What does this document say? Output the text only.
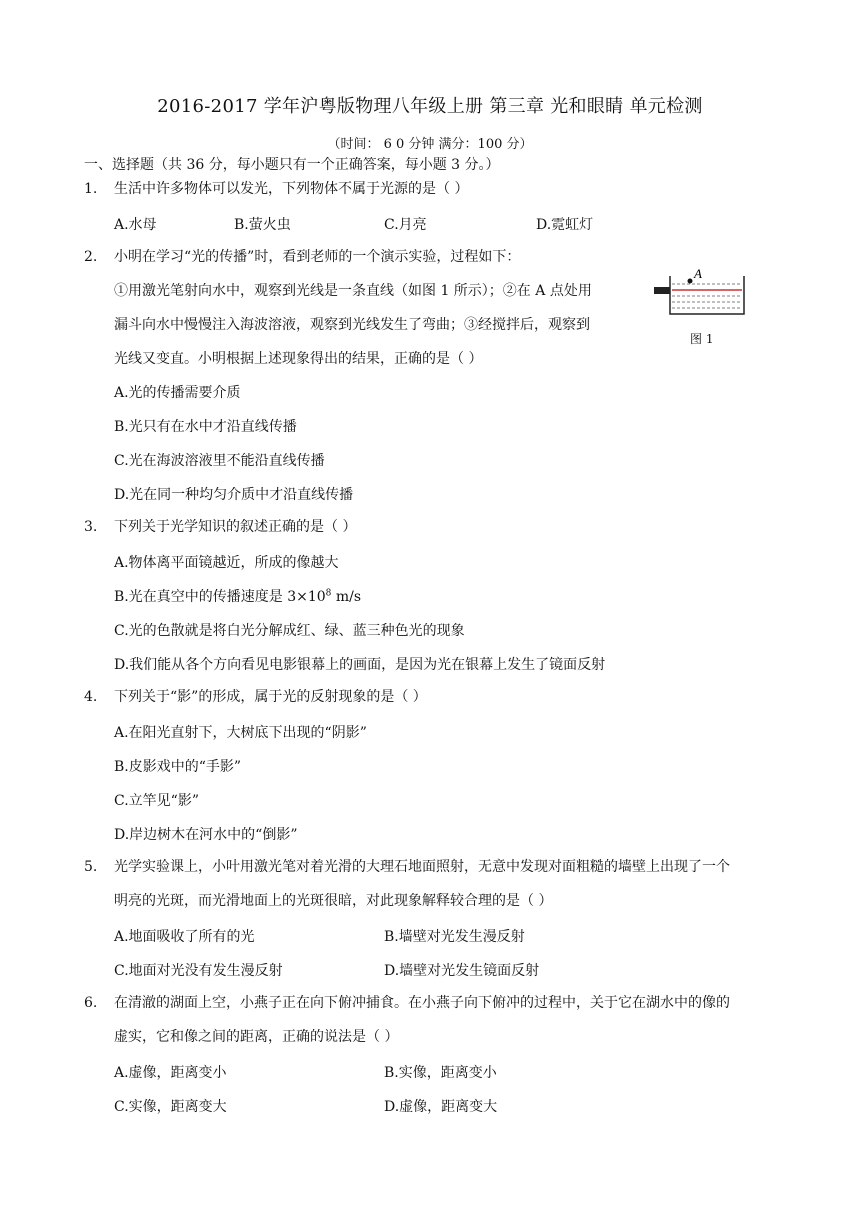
2016-2017 学年沪粤版物理八年级上册 第三章 光和眼睛 单元检测
（时间： 6 0 分钟 满分：100 分）
一、选择题（共 36 分，每小题只有一个正确答案，每小题 3 分。）
1.	生活中许多物体可以发光，下列物体不属于光源的是（ ）
A.水母	B.萤火虫	C.月亮	D.霓虹灯
2.	小明在学习“光的传播”时，看到老师的一个演示实验，过程如下：
①用激光笔射向水中，观察到光线是一条直线（如图 1 所示）；②在 A 点处用
漏斗向水中慢慢注入海波溶液，观察到光线发生了弯曲；③经搅拌后，观察到
光线又变直。小明根据上述现象得出的结果，正确的是（ ）
A.光的传播需要介质
B.光只有在水中才沿直线传播
C.光在海波溶液里不能沿直线传播
D.光在同一种均匀介质中才沿直线传播
A
图 1
3.	下列关于光学知识的叙述正确的是（ ）
A.物体离平面镜越近，所成的像越大
B.光在真空中的传播速度是 $3\times 10^8$ m/s
C.光的色散就是将白光分解成红、绿、蓝三种色光的现象
D.我们能从各个方向看见电影银幕上的画面，是因为光在银幕上发生了镜面反射
4.	下列关于“影”的形成，属于光的反射现象的是（ ）
A.在阳光直射下，大树底下出现的“阴影”
B.皮影戏中的“手影”
C.立竿见“影”
D.岸边树木在河水中的“倒影”
5.	光学实验课上，小叶用激光笔对着光滑的大理石地面照射，无意中发现对面粗糙的墙壁上出现了一个
明亮的光斑，而光滑地面上的光斑很暗，对此现象解释较合理的是（ ）
A.地面吸收了所有的光	B.墙壁对光发生漫反射
C.地面对光没有发生漫反射	D.墙壁对光发生镜面反射
6.	在清澈的湖面上空，小燕子正在向下俯冲捕食。在小燕子向下俯冲的过程中，关于它在湖水中的像的
虚实，它和像之间的距离，正确的说法是（ ）
A.虚像，距离变小	B.实像，距离变小
C.实像，距离变大	D.虚像，距离变大
